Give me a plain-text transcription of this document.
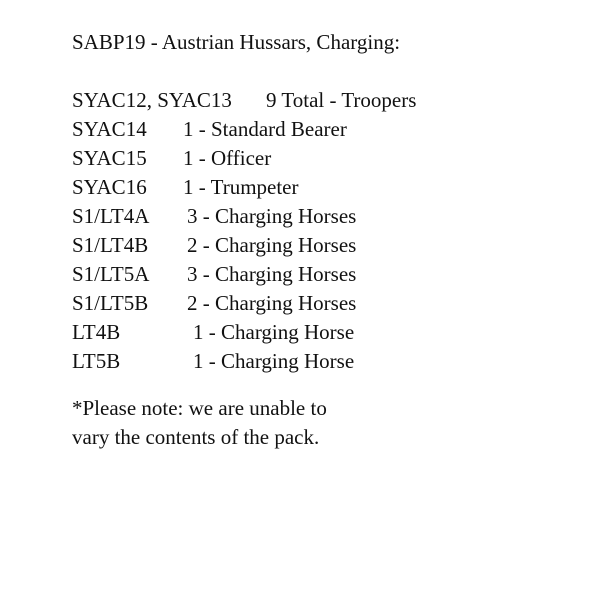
SABP19 - Austrian Hussars, Charging:
SYAC12, SYAC13 9 Total - Troopers
SYAC14 1 - Standard Bearer
SYAC15 1 - Officer
SYAC16 1 - Trumpeter
S1/LT4A 3 - Charging Horses
S1/LT4B 2 - Charging Horses
S1/LT5A 3 - Charging Horses
S1/LT5B 2 - Charging Horses
LT4B	1 - Charging Horse
LT5B	1 - Charging Horse
*Please note: we are unable to
vary the contents of the pack.
